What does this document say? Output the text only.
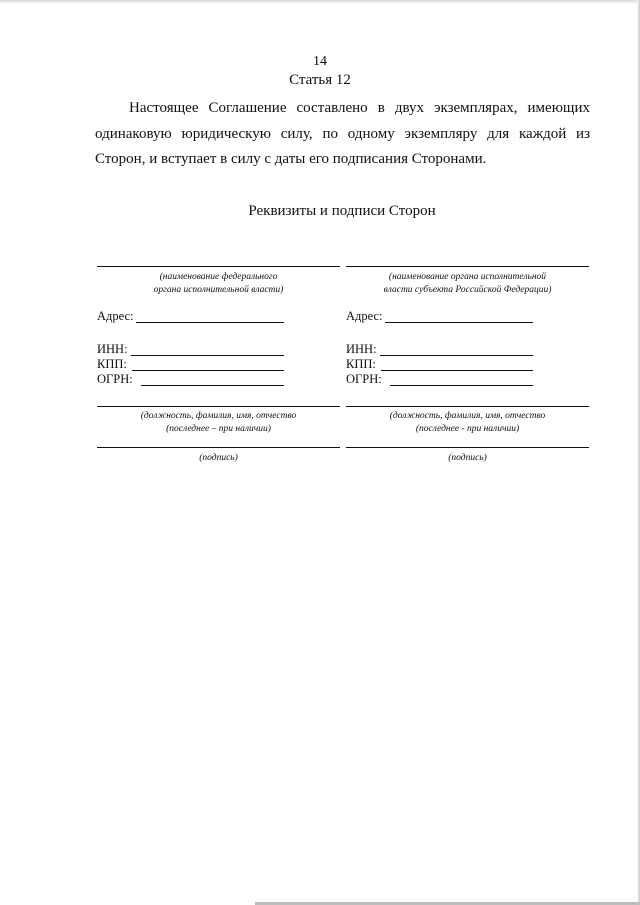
14
Статья 12

Настоящее Соглашение составлено в двух экземплярах, имеющих одинаковую юридическую силу, по одному экземпляру для каждой из Сторон, и вступает в силу с даты его подписания Сторонами.

Реквизиты и подписи Сторон
(наименование федерального
органа исполнительной власти)
Адрес:
ИНН:
КПП:
ОГРН:
(должность, фамилия, имя, отчество
(последнее – при наличии)
(подпись)
(наименование органа исполнительной
власти субъекта Российской Федерации)
Адрес:
ИНН:
КПП:
ОГРН:
(должность, фамилия, имя, отчество
(последнее - при наличии)
(подпись)
